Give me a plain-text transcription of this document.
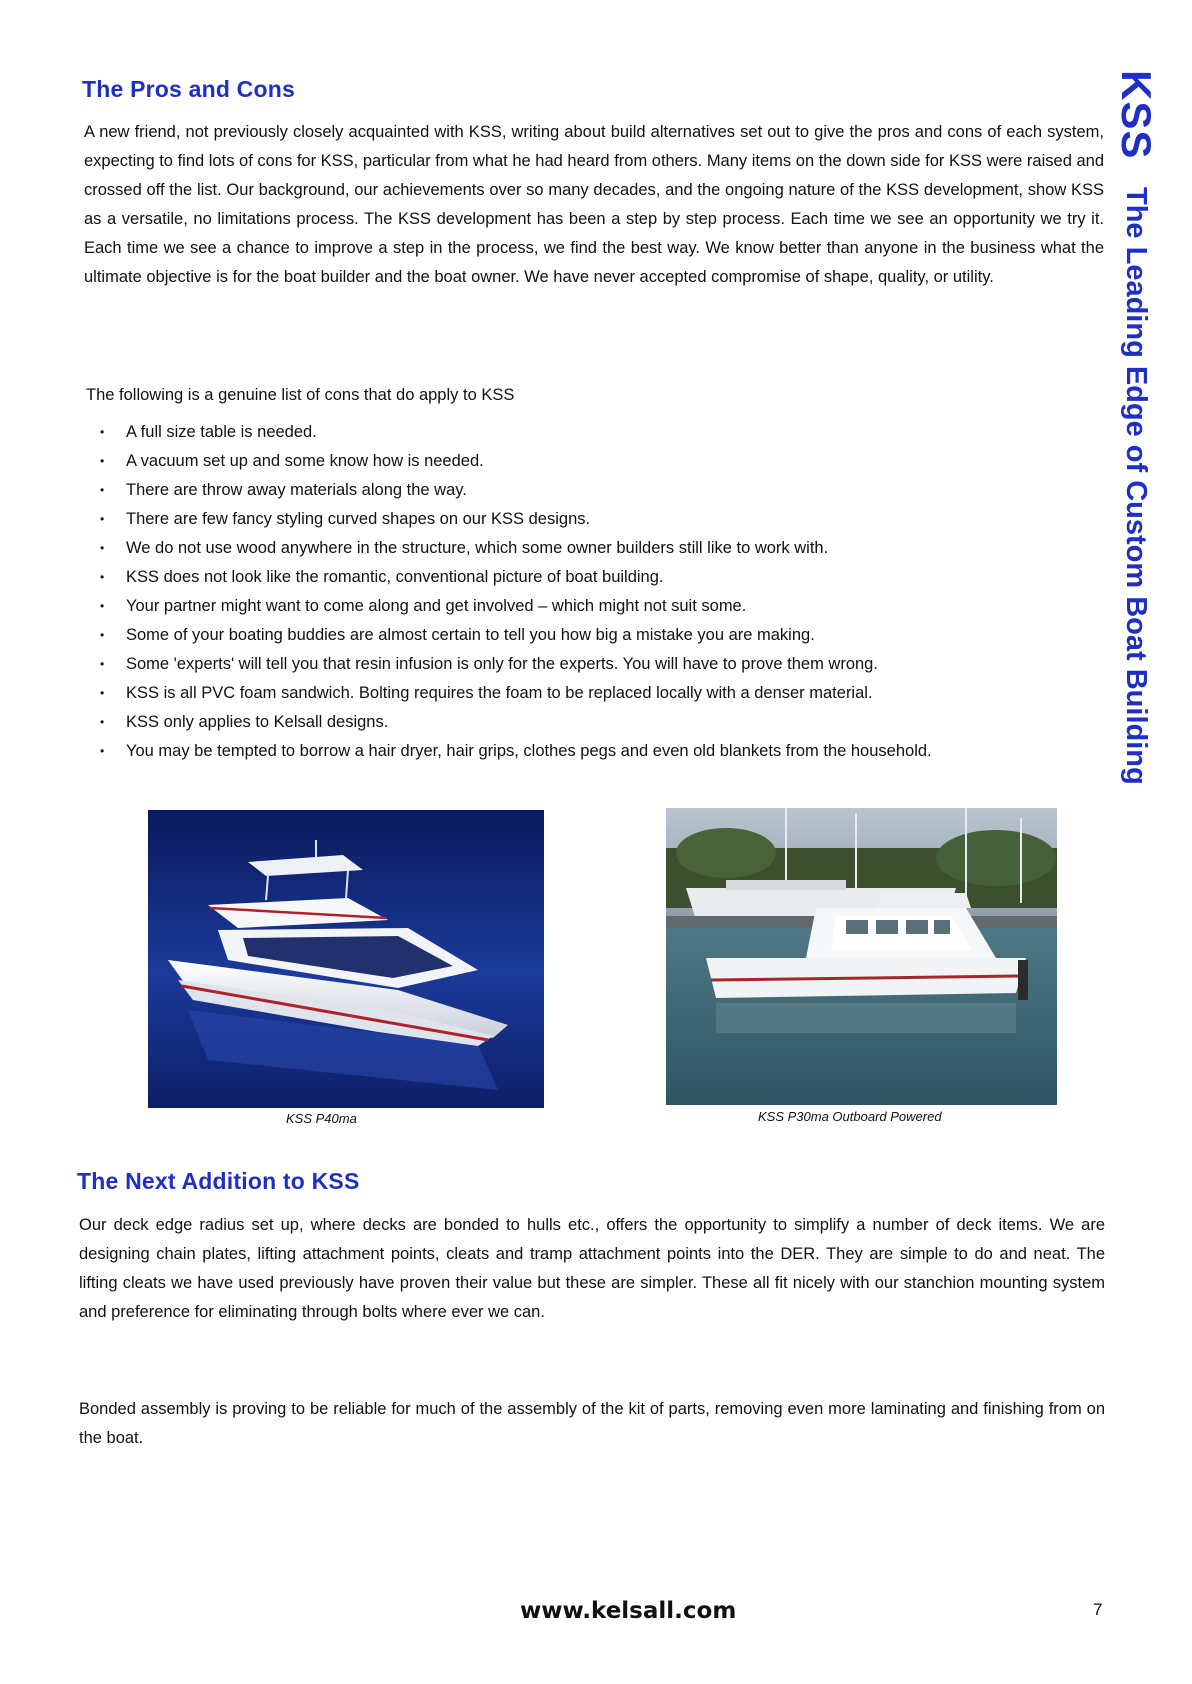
The Pros and Cons

A new friend, not previously closely acquainted with KSS, writing about build alternatives set out to give the pros and cons of each system, expecting to find lots of cons for KSS, particular from what he had heard from others. Many items on the down side for KSS were raised and crossed off the list. Our background, our achievements over so many decades, and the ongoing nature of the KSS development, show KSS as a versatile, no limitations process. The KSS development has been a step by step process. Each time we see an opportunity we try it. Each time we see a chance to improve a step in the process, we find the best way. We know better than anyone in the business what the ultimate objective is for the boat builder and the boat owner. We have never accepted compromise of shape, quality, or utility.

The following is a genuine list of cons that do apply to KSS

• A full size table is needed.
• A vacuum set up and some know how is needed.
• There are throw away materials along the way.
• There are few fancy styling curved shapes on our KSS designs.
• We do not use wood anywhere in the structure, which some owner builders still like to work with.
• KSS does not look like the romantic, conventional picture of boat building.
• Your partner might want to come along and get involved – which might not suit some.
• Some of your boating buddies are almost certain to tell you how big a mistake you are making.
• Some 'experts' will tell you that resin infusion is only for the experts. You will have to prove them wrong.
• KSS is all PVC foam sandwich. Bolting requires the foam to be replaced locally with a denser material.
• KSS only applies to Kelsall designs.
• You may be tempted to borrow a hair dryer, hair grips, clothes pegs and even old blankets from the household.
KSS P40ma	KSS P30ma Outboard Powered
The Next Addition to KSS

Our deck edge radius set up, where decks are bonded to hulls etc., offers the opportunity to simplify a number of deck items. We are designing chain plates, lifting attachment points, cleats and tramp attachment points into the DER. They are simple to do and neat. The lifting cleats we have used previously have proven their value but these are simpler. These all fit nicely with our stanchion mounting system and preference for eliminating through bolts where ever we can.

Bonded assembly is proving to be reliable for much of the assembly of the kit of parts, removing even more laminating and finishing from on the boat.

KSSThe Leading Edge of Custom Boat Building
www.kelsall.com	7
